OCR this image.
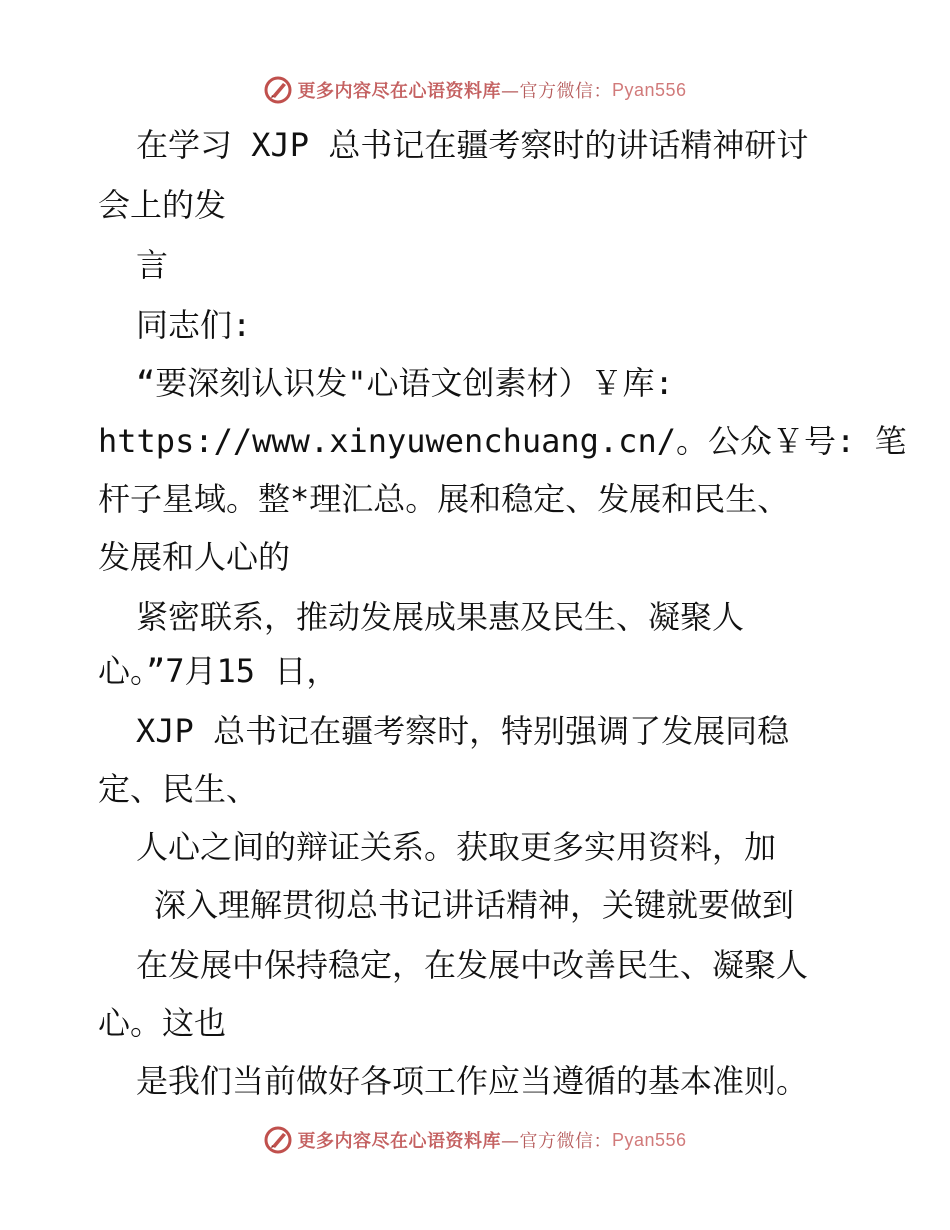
更多内容尽在心语资料库 —官方微信： Pyan556
在学习 XJP 总书记在疆考察时的讲话精神研讨
会上的发
言
同志们:
“要深刻认识发"心语文创素材）￥库:
https://www.xinyuwenchuang.cn/。公众￥号: 笔
杆子星域。整*理汇总。展和稳定、发展和民生、
发展和人心的
紧密联系，推动发展成果惠及民生、凝聚人
心。”7月15 日，
XJP 总书记在疆考察时，特别强调了发展同稳
定、民生、
人心之间的辩证关系。获取更多实用资料，加
深入理解贯彻总书记讲话精神，关键就要做到
在发展中保持稳定，在发展中改善民生、凝聚人
心。这也
是我们当前做好各项工作应当遵循的基本准则。
更多内容尽在心语资料库 —官方微信： Pyan556
